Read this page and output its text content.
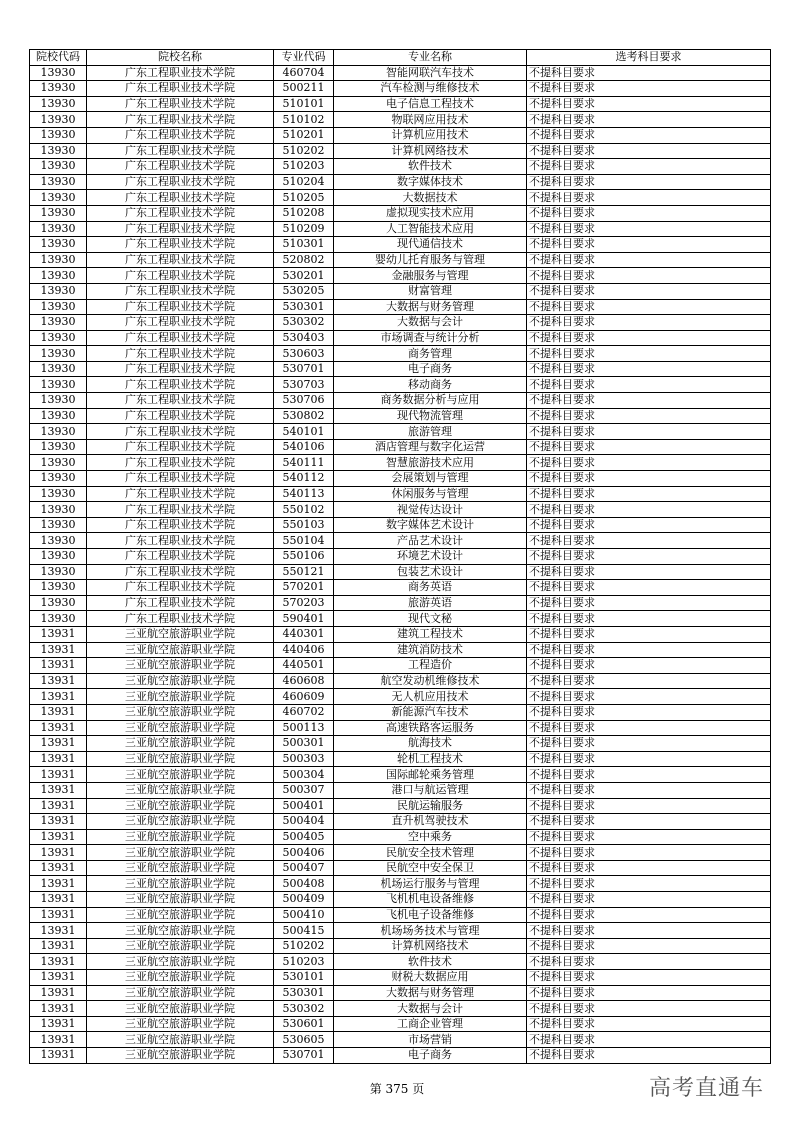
院校代码	院校名称	专业代码	专业名称	选考科目要求
13930	广东工程职业技术学院	460704	智能网联汽车技术	不提科目要求
13930	广东工程职业技术学院	500211	汽车检测与维修技术	不提科目要求
13930	广东工程职业技术学院	510101	电子信息工程技术	不提科目要求
13930	广东工程职业技术学院	510102	物联网应用技术	不提科目要求
13930	广东工程职业技术学院	510201	计算机应用技术	不提科目要求
13930	广东工程职业技术学院	510202	计算机网络技术	不提科目要求
13930	广东工程职业技术学院	510203	软件技术	不提科目要求
13930	广东工程职业技术学院	510204	数字媒体技术	不提科目要求
13930	广东工程职业技术学院	510205	大数据技术	不提科目要求
13930	广东工程职业技术学院	510208	虚拟现实技术应用	不提科目要求
13930	广东工程职业技术学院	510209	人工智能技术应用	不提科目要求
13930	广东工程职业技术学院	510301	现代通信技术	不提科目要求
13930	广东工程职业技术学院	520802	婴幼儿托育服务与管理	不提科目要求
13930	广东工程职业技术学院	530201	金融服务与管理	不提科目要求
13930	广东工程职业技术学院	530205	财富管理	不提科目要求
13930	广东工程职业技术学院	530301	大数据与财务管理	不提科目要求
13930	广东工程职业技术学院	530302	大数据与会计	不提科目要求
13930	广东工程职业技术学院	530403	市场调查与统计分析	不提科目要求
13930	广东工程职业技术学院	530603	商务管理	不提科目要求
13930	广东工程职业技术学院	530701	电子商务	不提科目要求
13930	广东工程职业技术学院	530703	移动商务	不提科目要求
13930	广东工程职业技术学院	530706	商务数据分析与应用	不提科目要求
13930	广东工程职业技术学院	530802	现代物流管理	不提科目要求
13930	广东工程职业技术学院	540101	旅游管理	不提科目要求
13930	广东工程职业技术学院	540106	酒店管理与数字化运营	不提科目要求
13930	广东工程职业技术学院	540111	智慧旅游技术应用	不提科目要求
13930	广东工程职业技术学院	540112	会展策划与管理	不提科目要求
13930	广东工程职业技术学院	540113	休闲服务与管理	不提科目要求
13930	广东工程职业技术学院	550102	视觉传达设计	不提科目要求
13930	广东工程职业技术学院	550103	数字媒体艺术设计	不提科目要求
13930	广东工程职业技术学院	550104	产品艺术设计	不提科目要求
13930	广东工程职业技术学院	550106	环境艺术设计	不提科目要求
13930	广东工程职业技术学院	550121	包装艺术设计	不提科目要求
13930	广东工程职业技术学院	570201	商务英语	不提科目要求
13930	广东工程职业技术学院	570203	旅游英语	不提科目要求
13930	广东工程职业技术学院	590401	现代文秘	不提科目要求
13931	三亚航空旅游职业学院	440301	建筑工程技术	不提科目要求
13931	三亚航空旅游职业学院	440406	建筑消防技术	不提科目要求
13931	三亚航空旅游职业学院	440501	工程造价	不提科目要求
13931	三亚航空旅游职业学院	460608	航空发动机维修技术	不提科目要求
13931	三亚航空旅游职业学院	460609	无人机应用技术	不提科目要求
13931	三亚航空旅游职业学院	460702	新能源汽车技术	不提科目要求
13931	三亚航空旅游职业学院	500113	高速铁路客运服务	不提科目要求
13931	三亚航空旅游职业学院	500301	航海技术	不提科目要求
13931	三亚航空旅游职业学院	500303	轮机工程技术	不提科目要求
13931	三亚航空旅游职业学院	500304	国际邮轮乘务管理	不提科目要求
13931	三亚航空旅游职业学院	500307	港口与航运管理	不提科目要求
13931	三亚航空旅游职业学院	500401	民航运输服务	不提科目要求
13931	三亚航空旅游职业学院	500404	直升机驾驶技术	不提科目要求
13931	三亚航空旅游职业学院	500405	空中乘务	不提科目要求
13931	三亚航空旅游职业学院	500406	民航安全技术管理	不提科目要求
13931	三亚航空旅游职业学院	500407	民航空中安全保卫	不提科目要求
13931	三亚航空旅游职业学院	500408	机场运行服务与管理	不提科目要求
13931	三亚航空旅游职业学院	500409	飞机机电设备维修	不提科目要求
13931	三亚航空旅游职业学院	500410	飞机电子设备维修	不提科目要求
13931	三亚航空旅游职业学院	500415	机场场务技术与管理	不提科目要求
13931	三亚航空旅游职业学院	510202	计算机网络技术	不提科目要求
13931	三亚航空旅游职业学院	510203	软件技术	不提科目要求
13931	三亚航空旅游职业学院	530101	财税大数据应用	不提科目要求
13931	三亚航空旅游职业学院	530301	大数据与财务管理	不提科目要求
13931	三亚航空旅游职业学院	530302	大数据与会计	不提科目要求
13931	三亚航空旅游职业学院	530601	工商企业管理	不提科目要求
13931	三亚航空旅游职业学院	530605	市场营销	不提科目要求
13931	三亚航空旅游职业学院	530701	电子商务	不提科目要求
第 375 页	高考直通车
